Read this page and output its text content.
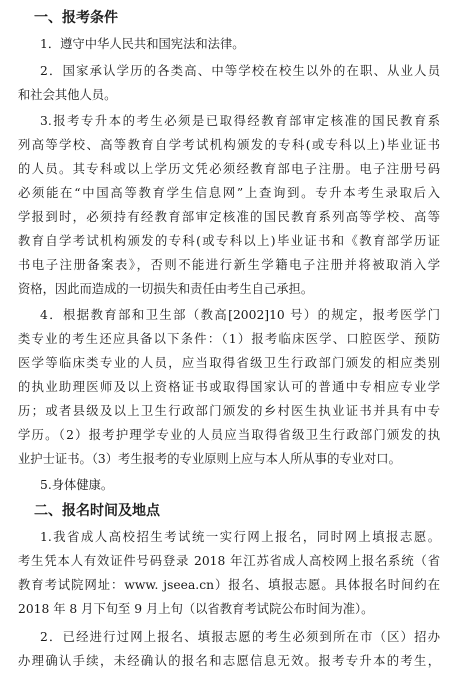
一、报考条件
1．遵守中华人民共和国宪法和法律。
2．国家承认学历的各类高、中等学校在校生以外的在职、从业人员
和社会其他人员。
3.报考专升本的考生必须是已取得经教育部审定核准的国民教育系
列高等学校、高等教育自学考试机构颁发的专科(或专科以上)毕业证书
的人员。其专科或以上学历文凭必须经教育部电子注册。电子注册号码
必须能在“中国高等教育学生信息网”上查询到。专升本考生录取后入
学报到时，必须持有经教育部审定核准的国民教育系列高等学校、高等
教育自学考试机构颁发的专科(或专科以上)毕业证书和《教育部学历证
书电子注册备案表》，否则不能进行新生学籍电子注册并将被取消入学
资格，因此而造成的一切损失和责任由考生自己承担。
4．根据教育部和卫生部（教高[2002]10 号）的规定，报考医学门
类专业的考生还应具备以下条件：（1）报考临床医学、口腔医学、预防
医学等临床类专业的人员，应当取得省级卫生行政部门颁发的相应类别
的执业助理医师及以上资格证书或取得国家认可的普通中专相应专业学
历；或者县级及以上卫生行政部门颁发的乡村医生执业证书并具有中专
学历。（2）报考护理学专业的人员应当取得省级卫生行政部门颁发的执
业护士证书。（3）考生报考的专业原则上应与本人所从事的专业对口。
5.身体健康。
二、报名时间及地点
1.我省成人高校招生考试统一实行网上报名，同时网上填报志愿。
考生凭本人有效证件号码登录 2018 年江苏省成人高校网上报名系统（省
教育考试院网址：www. jseea.cn）报名、填报志愿。具体报名时间约在
2018 年 8 月下旬至 9 月上旬（以省教育考试院公布时间为准）。
2．已经进行过网上报名、填报志愿的考生必须到所在市（区）招办
办理确认手续，未经确认的报名和志愿信息无效。报考专升本的考生，
